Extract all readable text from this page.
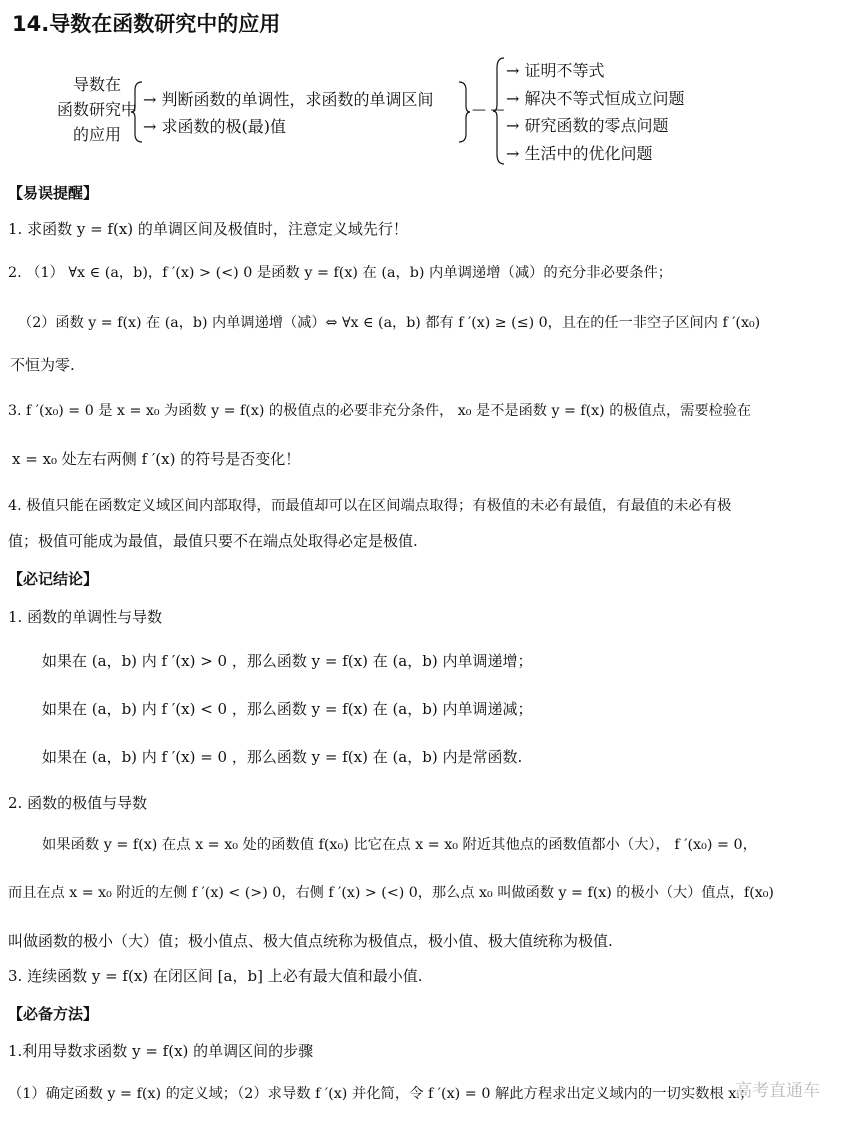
14.导数在函数研究中的应用
导数在
函数研究中
的应用
→ 判断函数的单调性，求函数的单调区间
→ 求函数的极(最)值
— —
→ 证明不等式
→ 解决不等式恒成立问题
→ 研究函数的零点问题
→ 生活中的优化问题
【易误提醒】
1. 求函数 y = f(x) 的单调区间及极值时，注意定义域先行！
2. （1） ∀x ∈ (a，b)，f ′(x) > (<) 0 是函数 y = f(x) 在 (a，b) 内单调递增（减）的充分非必要条件；
（2）函数 y = f(x) 在 (a，b) 内单调递增（减）⇔ ∀x ∈ (a，b) 都有 f ′(x) ≥ (≤) 0，且在的任一非空子区间内 f ′(x₀)
不恒为零.
3. f ′(x₀) = 0 是 x = x₀ 为函数 y = f(x) 的极值点的必要非充分条件， x₀ 是不是函数 y = f(x) 的极值点，需要检验在
x = x₀ 处左右两侧 f ′(x) 的符号是否变化！
4. 极值只能在函数定义域区间内部取得，而最值却可以在区间端点取得；有极值的未必有最值，有最值的未必有极
值；极值可能成为最值，最值只要不在端点处取得必定是极值.
【必记结论】
1. 函数的单调性与导数
如果在 (a，b) 内 f ′(x) > 0 ，那么函数 y = f(x) 在 (a，b) 内单调递增；
如果在 (a，b) 内 f ′(x) < 0 ，那么函数 y = f(x) 在 (a，b) 内单调递减；
如果在 (a，b) 内 f ′(x) = 0 ，那么函数 y = f(x) 在 (a，b) 内是常函数.
2. 函数的极值与导数
如果函数 y = f(x) 在点 x = x₀ 处的函数值 f(x₀) 比它在点 x = x₀ 附近其他点的函数值都小（大）， f ′(x₀) = 0，
而且在点 x = x₀ 附近的左侧 f ′(x) < (>) 0，右侧 f ′(x) > (<) 0，那么点 x₀ 叫做函数 y = f(x) 的极小（大）值点，f(x₀)
叫做函数的极小（大）值；极小值点、极大值点统称为极值点，极小值、极大值统称为极值.
3. 连续函数 y = f(x) 在闭区间 [a，b] 上必有最大值和最小值.
【必备方法】
1.利用导数求函数 y = f(x) 的单调区间的步骤
（1）确定函数 y = f(x) 的定义域；（2）求导数 f ′(x) 并化简，令 f ′(x) = 0 解此方程求出定义域内的一切实数根 xᵢ；
高考直通车
